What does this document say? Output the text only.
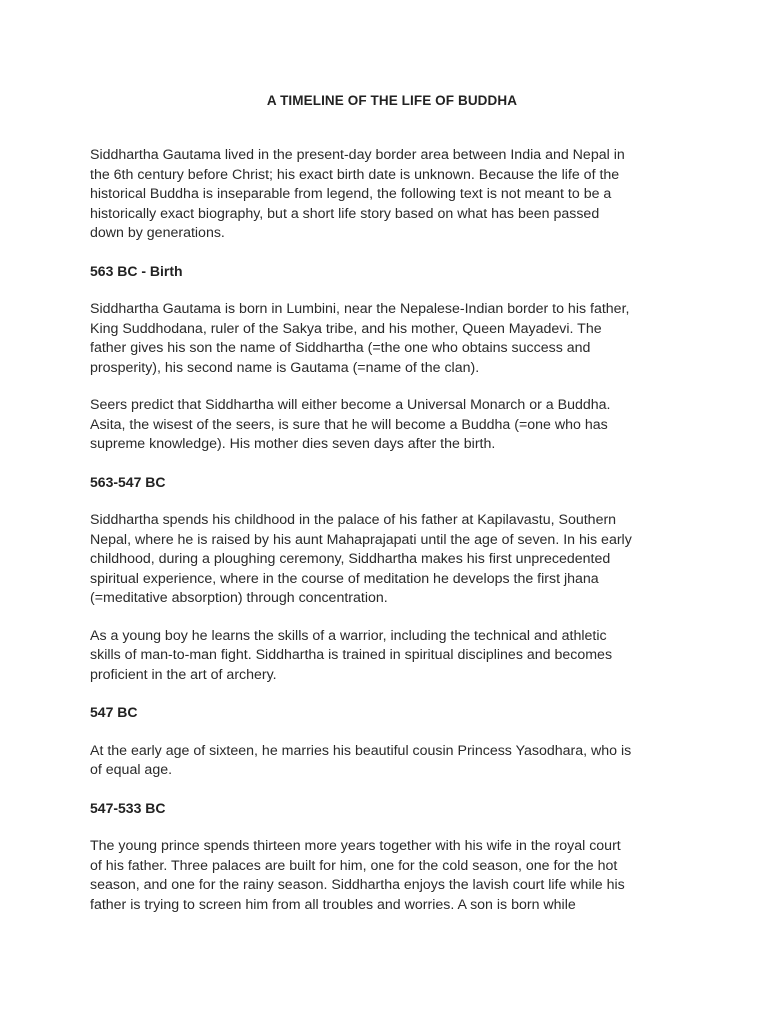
A TIMELINE OF THE LIFE OF BUDDHA
Siddhartha Gautama lived in the present-day border area between India and Nepal in
the 6th century before Christ; his exact birth date is unknown. Because the life of the
historical Buddha is inseparable from legend, the following text is not meant to be a
historically exact biography, but a short life story based on what has been passed
down by generations.
563 BC - Birth
Siddhartha Gautama is born in Lumbini, near the Nepalese-Indian border to his father,
King Suddhodana, ruler of the Sakya tribe, and his mother, Queen Mayadevi. The
father gives his son the name of Siddhartha (=the one who obtains success and
prosperity), his second name is Gautama (=name of the clan).
Seers predict that Siddhartha will either become a Universal Monarch or a Buddha.
Asita, the wisest of the seers, is sure that he will become a Buddha (=one who has
supreme knowledge). His mother dies seven days after the birth.
563-547 BC
Siddhartha spends his childhood in the palace of his father at Kapilavastu, Southern
Nepal, where he is raised by his aunt Mahaprajapati until the age of seven. In his early
childhood, during a ploughing ceremony, Siddhartha makes his first unprecedented
spiritual experience, where in the course of meditation he develops the first jhana
(=meditative absorption) through concentration.
As a young boy he learns the skills of a warrior, including the technical and athletic
skills of man-to-man fight. Siddhartha is trained in spiritual disciplines and becomes
proficient in the art of archery.
547 BC
At the early age of sixteen, he marries his beautiful cousin Princess Yasodhara, who is
of equal age.
547-533 BC
The young prince spends thirteen more years together with his wife in the royal court
of his father. Three palaces are built for him, one for the cold season, one for the hot
season, and one for the rainy season. Siddhartha enjoys the lavish court life while his
father is trying to screen him from all troubles and worries. A son is born while
